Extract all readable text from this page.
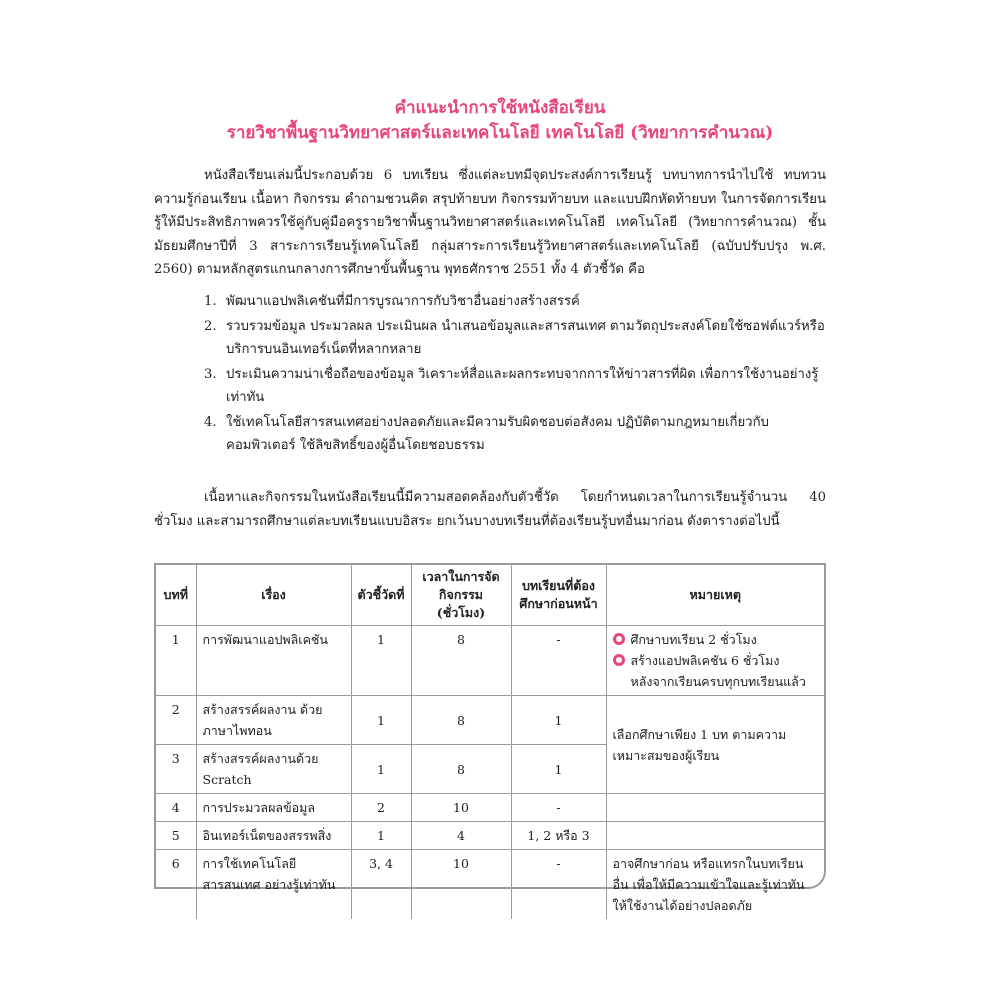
คำแนะนำการใช้หนังสือเรียน
รายวิชาพื้นฐานวิทยาศาสตร์และเทคโนโลยี เทคโนโลยี (วิทยาการคำนวณ)
หนังสือเรียนเล่มนี้ประกอบด้วย 6 บทเรียน ซึ่งแต่ละบทมีจุดประสงค์การเรียนรู้ บทบาทการนำไปใช้ ทบทวนความรู้ก่อนเรียน เนื้อหา กิจกรรม คำถามชวนคิด สรุปท้ายบท กิจกรรมท้ายบท และแบบฝึกหัดท้ายบท ในการจัดการเรียนรู้ให้มีประสิทธิภาพควรใช้คู่กับคู่มือครูรายวิชาพื้นฐานวิทยาศาสตร์และเทคโนโลยี เทคโนโลยี (วิทยาการคำนวณ) ชั้นมัธยมศึกษาปีที่ 3 สาระการเรียนรู้เทคโนโลยี กลุ่มสาระการเรียนรู้วิทยาศาสตร์และเทคโนโลยี (ฉบับปรับปรุง พ.ศ. 2560) ตามหลักสูตรแกนกลางการศึกษาขั้นพื้นฐาน พุทธศักราช 2551 ทั้ง 4 ตัวชี้วัด คือ
1. พัฒนาแอปพลิเคชันที่มีการบูรณาการกับวิชาอื่นอย่างสร้างสรรค์
2. รวบรวมข้อมูล ประมวลผล ประเมินผล นำเสนอข้อมูลและสารสนเทศ ตามวัตถุประสงค์โดยใช้ซอฟต์แวร์หรือบริการบนอินเทอร์เน็ตที่หลากหลาย
3. ประเมินความน่าเชื่อถือของข้อมูล วิเคราะห์สื่อและผลกระทบจากการให้ข่าวสารที่ผิด เพื่อการใช้งานอย่างรู้เท่าทัน
4. ใช้เทคโนโลยีสารสนเทศอย่างปลอดภัยและมีความรับผิดชอบต่อสังคม ปฏิบัติตามกฎหมายเกี่ยวกับคอมพิวเตอร์ ใช้ลิขสิทธิ์ของผู้อื่นโดยชอบธรรม
เนื้อหาและกิจกรรมในหนังสือเรียนนี้มีความสอดคล้องกับตัวชี้วัด โดยกำหนดเวลาในการเรียนรู้จำนวน 40 ชั่วโมง และสามารถศึกษาแต่ละบทเรียนแบบอิสระ ยกเว้นบางบทเรียนที่ต้องเรียนรู้บทอื่นมาก่อน ดังตารางต่อไปนี้
บทที่	เรื่อง	ตัวชี้วัดที่	เวลาในการจัด กิจกรรม (ชั่วโมง)	บทเรียนที่ต้อง ศึกษาก่อนหน้า	หมายเหตุ
1	การพัฒนาแอปพลิเคชัน	1	8	-	ศึกษาบทเรียน 2 ชั่วโมง
สร้างแอปพลิเคชัน 6 ชั่วโมง
หลังจากเรียนครบทุกบทเรียนแล้ว

2	สร้างสรรค์ผลงาน ด้วยภาษาไพทอน	1	8	1	เลือกศึกษาเพียง 1 บท ตามความเหมาะสมของผู้เรียน
3	สร้างสรรค์ผลงานด้วย Scratch	1	8	1	
4	การประมวลผลข้อมูล	2	10	-	
5	อินเทอร์เน็ตของสรรพสิ่ง	1	4	1, 2 หรือ 3	
6	การใช้เทคโนโลยีสารสนเทศ อย่างรู้เท่าทัน	3, 4	10	-	อาจศึกษาก่อน หรือแทรกในบทเรียนอื่น เพื่อให้มีความเข้าใจและรู้เท่าทัน ให้ใช้งานได้อย่างปลอดภัย
